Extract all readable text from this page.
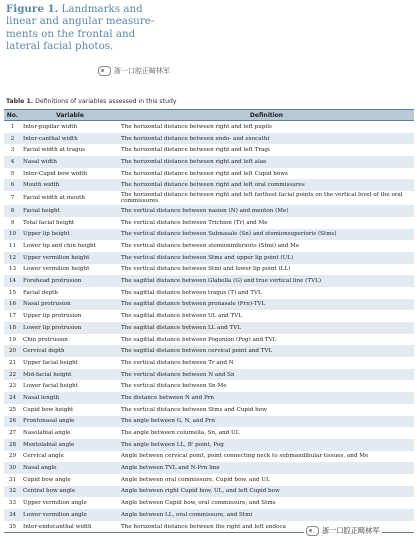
Figure 1. Landmarks and
linear and angular measure-
ments on the frontal and
lateral facial photos.
浙一口腔正畸林军
Table 1. Definitions of variables assessed in this study
No.	Variable	Definition
1	Inter-pupilar width	The horizontal distance between right and left pupils
2	Inter-canthal width	The horizontal distance between endo- and exocathi
3	Facial width at tragus	The horizontal distance between right and left Tragi
4	Nasal width	The horizontal distance between right and left alae
5	Inter-Cupid bow width	The horizontal distance between right and left Cupid bows
6	Mouth width	The horizontal distance between right and left oral commissures
7	Facial width at mouth	The horizontal distance between right and left farthest facial points on the vertical level of the oral commissures
8	Facial height	The vertical distance between nasion (N) and menton (Me)
9	Total facial height	The vertical distance between Trichion (Tr) and Me
10	Upper lip height	The vertical distance between Subnasale (Sn) and stomionsuperioris (Stms)
11	Lower lip and chin height	The vertical distance between stomioninferioris (Stmi) and Me
12	Upper vermilion height	The vertical distance between Stms and upper lip point (UL)
13	Lower vermilion height	The vertical distance between Stmi and lower lip point (LL)
14	Forehead protrusion	The sagittal distance between Glabella (G) and true vertical line (TVL)
15	Facial depth	The sagittal distance between tragus (T) and TVL
16	Nasal protrusion	The sagittal distance between pronasale (Prn)-TVL
17	Upper lip protrusion	The sagittal distance between UL and TVL
18	Lower lip protrusion	The sagittal distance between LL and TVL
19	Chin protrusion	The sagittal distance between Pogonion (Pog) and TVL
20	Cervical depth	The sagittal distance between cervical point and TVL
21	Upper facial height	The vertical distance between Tr and N
22	Mid-facial height	The vertical distance between N and Sn
23	Lower facial height	The vertical distance between Sn-Me
24	Nasal length	The distance between N and Prn
25	Cupid bow height	The vertical distance between Stms and Cupid bow
26	Frontonasal angle	The angle between G, N, and Prn
27	Nasolabial angle	The angle between columella, Sn, and UL
28	Mentolabial angle	The angle between LL, B' point, Pog
29	Cervical angle	Angle between cervical point, point connecting neck to submandibular tissues, and Me
30	Nasal angle	Angle between TVL and N-Prn line
31	Cupid bow angle	Angle between oral commissure, Cupid bow, and UL
32	Central bow angle	Angle between right Cupid bow, UL, and left Cupid bow
33	Upper vermilion angle	Angle between Cupid bow, oral commissure, and Stms
34	Lower vermilion angle	Angle between LL, oral commissure, and Stmi
35	Inter-endocanthal width	The horizontal distance between the right and left endoca	浙一口腔正畸林军
